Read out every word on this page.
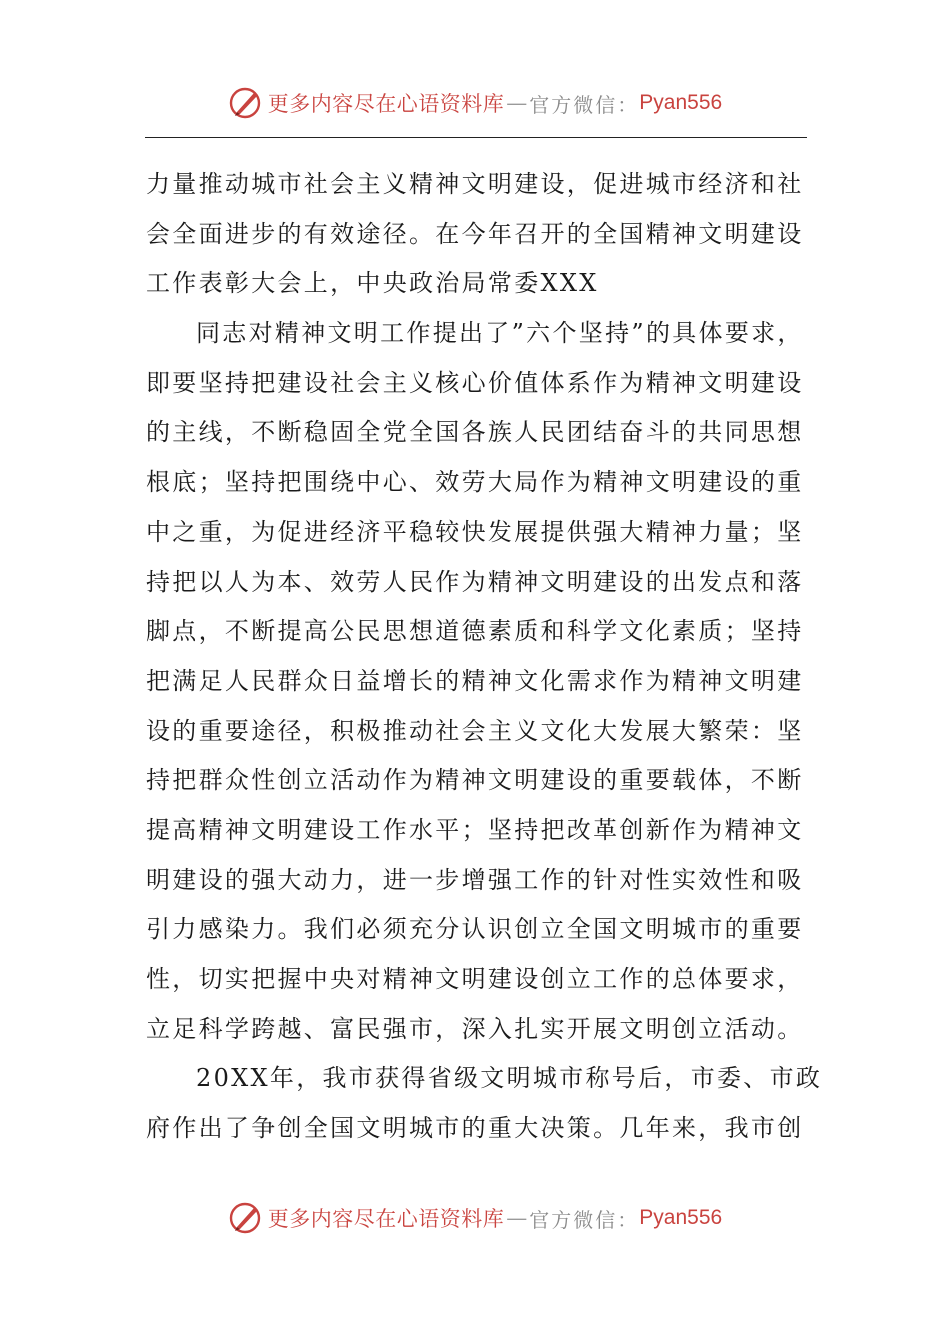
更多内容尽在心语资料库 — 官方微信： Pyan556
力量推动城市社会主义精神文明建设，促进城市经济和社
会全面进步的有效途径。在今年召开的全国精神文明建设
工作表彰大会上，中央政治局常委XXX
同志对精神文明工作提出了”六个坚持”的具体要求，
即要坚持把建设社会主义核心价值体系作为精神文明建设
的主线，不断稳固全党全国各族人民团结奋斗的共同思想
根底；坚持把围绕中心、效劳大局作为精神文明建设的重
中之重，为促进经济平稳较快发展提供强大精神力量；坚
持把以人为本、效劳人民作为精神文明建设的出发点和落
脚点，不断提高公民思想道德素质和科学文化素质；坚持
把满足人民群众日益增长的精神文化需求作为精神文明建
设的重要途径，积极推动社会主义文化大发展大繁荣：坚
持把群众性创立活动作为精神文明建设的重要载体，不断
提高精神文明建设工作水平；坚持把改革创新作为精神文
明建设的强大动力，进一步增强工作的针对性实效性和吸
引力感染力。我们必须充分认识创立全国文明城市的重要
性，切实把握中央对精神文明建设创立工作的总体要求，
立足科学跨越、富民强市，深入扎实开展文明创立活动。
20XX年，我市获得省级文明城市称号后，市委、市政
府作出了争创全国文明城市的重大决策。几年来，我市创
更多内容尽在心语资料库 — 官方微信： Pyan556
